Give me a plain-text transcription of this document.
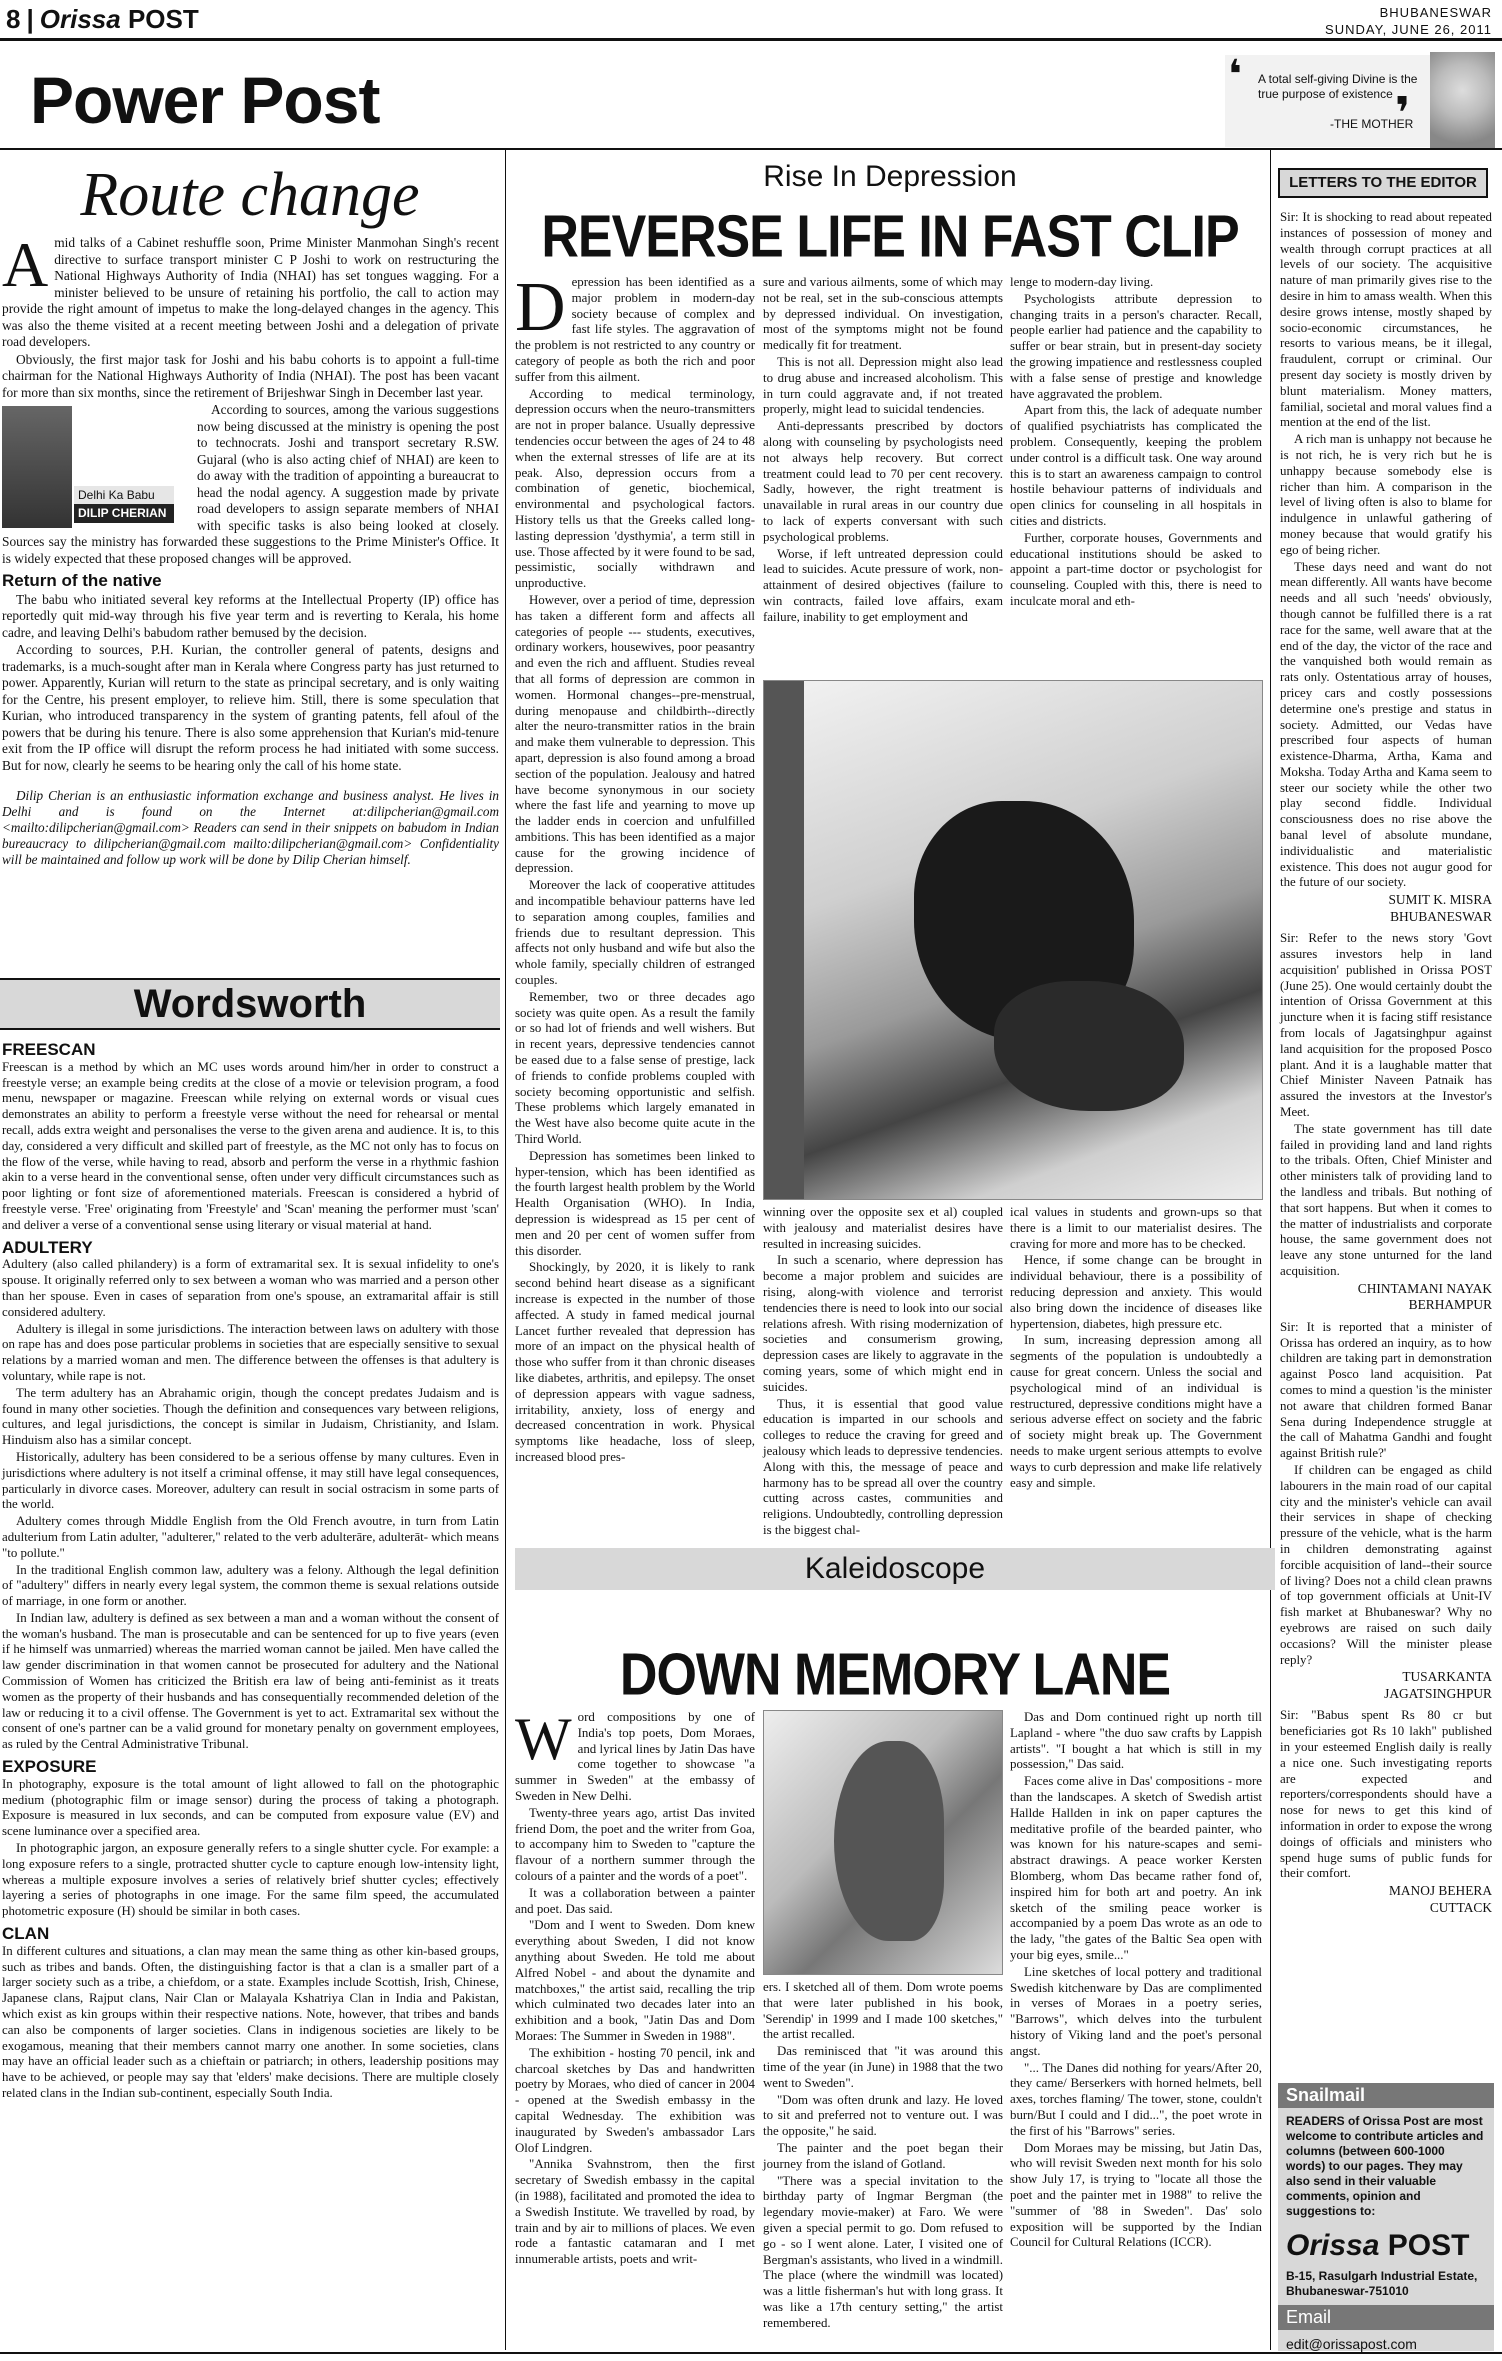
8 | Orissa POST	BHUBANESWAR
SUNDAY, JUNE 26, 2011
Power Post	❛
❜
A total self-giving Divine is the true purpose of existence
-THE MOTHER
Route change
A mid talks of a Cabinet reshuffle soon, Prime Minister Manmohan Singh's recent directive to surface transport minister C P Joshi to work on restructuring the National Highways Authority of India (NHAI) has set tongues wagging. For a minister believed to be unsure of retaining his portfolio, the call to action may provide the right amount of impetus to make the long-delayed changes in the agency. This was also the theme visited at a recent meeting between Joshi and a delegation of private road developers.

Obviously, the first major task for Joshi and his babu cohorts is to appoint a full-time chairman for the National Highways Authority of India (NHAI). The post has been vacant for more than six months, since the retirement of Brijeshwar Singh in December last year.

Delhi Ka Babu
DILIP CHERIAN

According to sources, among the various suggestions now being discussed at the ministry is opening the post to technocrats. Joshi and transport secretary R.SW. Gujaral (who is also acting chief of NHAI) are keen to do away with the tradition of appointing a bureaucrat to head the nodal agency. A suggestion made by private road developers to assign separate members of NHAI with specific tasks is also being looked at closely. Sources say the ministry has forwarded these suggestions to the Prime Minister's Office. It is widely expected that these proposed changes will be approved.

Return of the native

The babu who initiated several key reforms at the Intellectual Property (IP) office has reportedly quit mid-way through his five year term and is reverting to Kerala, his home cadre, and leaving Delhi's babudom rather bemused by the decision.

According to sources, P.H. Kurian, the controller general of patents, designs and trademarks, is a much-sought after man in Kerala where Congress party has just returned to power. Apparently, Kurian will return to the state as principal secretary, and is only waiting for the Centre, his present employer, to relieve him. Still, there is some speculation that Kurian, who introduced transparency in the system of granting patents, fell afoul of the powers that be during his tenure. There is also some apprehension that Kurian's mid-tenure exit from the IP office will disrupt the reform process he had initiated with some success. But for now, clearly he seems to be hearing only the call of his home state.

Dilip Cherian is an enthusiastic information exchange and business analyst. He lives in Delhi and is found on the Internet at:dilipcherian@gmail.com <mailto:dilipcherian@gmail.com> Readers can send in their snippets on babudom in Indian bureaucracy to dilipcherian@gmail.com mailto:dilipcherian@gmail.com> Confidentiality will be maintained and follow up work will be done by Dilip Cherian himself.
Wordsworth
FREESCAN

Freescan is a method by which an MC uses words around him/her in order to construct a freestyle verse; an example being credits at the close of a movie or television program, a food menu, newspaper or magazine. Freescan while relying on external words or visual cues demonstrates an ability to perform a freestyle verse without the need for rehearsal or mental recall, adds extra weight and personalises the verse to the given arena and audience. It is, to this day, considered a very difficult and skilled part of freestyle, as the MC not only has to focus on the flow of the verse, while having to read, absorb and perform the verse in a rhythmic fashion akin to a verse heard in the conventional sense, often under very difficult circumstances such as poor lighting or font size of aforementioned materials. Freescan is considered a hybrid of freestyle verse. 'Free' originating from 'Freestyle' and 'Scan' meaning the performer must 'scan' and deliver a verse of a conventional sense using literary or visual material at hand.

ADULTERY

Adultery (also called philandery) is a form of extramarital sex. It is sexual infidelity to one's spouse. It originally referred only to sex between a woman who was married and a person other than her spouse. Even in cases of separation from one's spouse, an extramarital affair is still considered adultery.

Adultery is illegal in some jurisdictions. The interaction between laws on adultery with those on rape has and does pose particular problems in societies that are especially sensitive to sexual relations by a married woman and men. The difference between the offenses is that adultery is voluntary, while rape is not.

The term adultery has an Abrahamic origin, though the concept predates Judaism and is found in many other societies. Though the definition and consequences vary between religions, cultures, and legal jurisdictions, the concept is similar in Judaism, Christianity, and Islam. Hinduism also has a similar concept.

Historically, adultery has been considered to be a serious offense by many cultures. Even in jurisdictions where adultery is not itself a criminal offense, it may still have legal consequences, particularly in divorce cases. Moreover, adultery can result in social ostracism in some parts of the world.

Adultery comes through Middle English from the Old French avoutre, in turn from Latin adulterium from Latin adulter, "adulterer," related to the verb adulterāre, adulterāt- which means "to pollute."

In the traditional English common law, adultery was a felony. Although the legal definition of "adultery" differs in nearly every legal system, the common theme is sexual relations outside of marriage, in one form or another.

In Indian law, adultery is defined as sex between a man and a woman without the consent of the woman's husband. The man is prosecutable and can be sentenced for up to five years (even if he himself was unmarried) whereas the married woman cannot be jailed. Men have called the law gender discrimination in that women cannot be prosecuted for adultery and the National Commission of Women has criticized the British era law of being anti-feminist as it treats women as the property of their husbands and has consequentially recommended deletion of the law or reducing it to a civil offense. The Government is yet to act. Extramarital sex without the consent of one's partner can be a valid ground for monetary penalty on government employees, as ruled by the Central Administrative Tribunal.

EXPOSURE

In photography, exposure is the total amount of light allowed to fall on the photographic medium (photographic film or image sensor) during the process of taking a photograph. Exposure is measured in lux seconds, and can be computed from exposure value (EV) and scene luminance over a specified area.

In photographic jargon, an exposure generally refers to a single shutter cycle. For example: a long exposure refers to a single, protracted shutter cycle to capture enough low-intensity light, whereas a multiple exposure involves a series of relatively brief shutter cycles; effectively layering a series of photographs in one image. For the same film speed, the accumulated photometric exposure (H) should be similar in both cases.

CLAN

In different cultures and situations, a clan may mean the same thing as other kin-based groups, such as tribes and bands. Often, the distinguishing factor is that a clan is a smaller part of a larger society such as a tribe, a chiefdom, or a state. Examples include Scottish, Irish, Chinese, Japanese clans, Rajput clans, Nair Clan or Malayala Kshatriya Clan in India and Pakistan, which exist as kin groups within their respective nations. Note, however, that tribes and bands can also be components of larger societies. Clans in indigenous societies are likely to be exogamous, meaning that their members cannot marry one another. In some societies, clans may have an official leader such as a chieftain or patriarch; in others, leadership positions may have to be achieved, or people may say that 'elders' make decisions. There are multiple closely related clans in the Indian sub-continent, especially South India.

Rise In Depression
REVERSE LIFE IN FAST CLIP
D epression has been identified as a major problem in modern-day society because of complex and fast life styles. The aggravation of the problem is not restricted to any country or category of people as both the rich and poor suffer from this ailment.

According to medical terminology, depression occurs when the neuro-transmitters are not in proper balance. Usually depressive tendencies occur between the ages of 24 to 48 when the external stresses of life are at its peak. Also, depression occurs from a combination of genetic, biochemical, environmental and psychological factors. History tells us that the Greeks called long-lasting depression 'dysthymia', a term still in use. Those affected by it were found to be sad, pessimistic, socially withdrawn and unproductive.

However, over a period of time, depression has taken a different form and affects all categories of people --- students, executives, ordinary workers, housewives, poor peasantry and even the rich and affluent. Studies reveal that all forms of depression are common in women. Hormonal changes--pre-menstrual, during menopause and childbirth--directly alter the neuro-transmitter ratios in the brain and make them vulnerable to depression. This apart, depression is also found among a broad section of the population. Jealousy and hatred have become synonymous in our society where the fast life and yearning to move up the ladder ends in coercion and unfulfilled ambitions. This has been identified as a major cause for the growing incidence of depression.

Moreover the lack of cooperative attitudes and incompatible behaviour patterns have led to separation among couples, families and friends due to resultant depression. This affects not only husband and wife but also the whole family, specially children of estranged couples.

Remember, two or three decades ago society was quite open. As a result the family or so had lot of friends and well wishers. But in recent years, depressive tendencies cannot be eased due to a false sense of prestige, lack of friends to confide problems coupled with society becoming opportunistic and selfish. These problems which largely emanated in the West have also become quite acute in the Third World.

Depression has sometimes been linked to hyper-tension, which has been identified as the fourth largest health problem by the World Health Organisation (WHO). In India, depression is widespread as 15 per cent of men and 20 per cent of women suffer from this disorder.

Shockingly, by 2020, it is likely to rank second behind heart disease as a significant increase is expected in the number of those affected. A study in famed medical journal Lancet further revealed that depression has more of an impact on the physical health of those who suffer from it than chronic diseases like diabetes, arthritis, and epilepsy. The onset of depression appears with vague sadness, irritability, anxiety, loss of energy and decreased concentration in work. Physical symptoms like headache, loss of sleep, increased blood pres-

sure and various ailments, some of which may not be real, set in the sub-conscious attempts by depressed individual. On investigation, most of the symptoms might not be found medically fit for treatment.

This is not all. Depression might also lead to drug abuse and increased alcoholism. This in turn could aggravate and, if not treated properly, might lead to suicidal tendencies.

Anti-depressants prescribed by doctors along with counseling by psychologists need not always help recovery. But correct treatment could lead to 70 per cent recovery. Sadly, however, the right treatment is unavailable in rural areas in our country due to lack of experts conversant with such psychological problems.

Worse, if left untreated depression could lead to suicides. Acute pressure of work, non- attainment of desired objectives (failure to win contracts, failed love affairs, exam failure, inability to get employment and

lenge to modern-day living.

Psychologists attribute depression to changing traits in a person's character. Recall, people earlier had patience and the capability to suffer or bear strain, but in present-day society the growing impatience and restlessness coupled with a false sense of prestige and knowledge have aggravated the problem.

Apart from this, the lack of adequate number of qualified psychiatrists has complicated the problem. Consequently, keeping the problem under control is a difficult task. One way around this is to start an awareness campaign to control hostile behaviour patterns of individuals and open clinics for counseling in all hospitals in cities and districts.

Further, corporate houses, Governments and educational institutions should be asked to appoint a part-time doctor or psychologist for counseling. Coupled with this, there is need to inculcate moral and eth-

winning over the opposite sex et al) coupled with jealousy and materialist desires have resulted in increasing suicides.

In such a scenario, where depression has become a major problem and suicides are rising, along-with violence and terrorist tendencies there is need to look into our social relations afresh. With rising modernization of societies and consumerism growing, depression cases are likely to aggravate in the coming years, some of which might end in suicides.

Thus, it is essential that good value education is imparted in our schools and colleges to reduce the craving for greed and jealousy which leads to depressive tendencies. Along with this, the message of peace and harmony has to be spread all over the country cutting across castes, communities and religions. Undoubtedly, controlling depression is the biggest chal-

ical values in students and grown-ups so that there is a limit to our materialist desires. The craving for more and more has to be checked.

Hence, if some change can be brought in individual behaviour, there is a possibility of reducing depression and anxiety. This would also bring down the incidence of diseases like hypertension, diabetes, high pressure etc.

In sum, increasing depression among all segments of the population is undoubtedly a cause for great concern. Unless the social and psychological mind of an individual is restructured, depressive conditions might have a serious adverse effect on society and the fabric of society might break up. The Government needs to make urgent serious attempts to evolve ways to curb depression and make life relatively easy and simple.

Kaleidoscope
DOWN MEMORY LANE
W ord compositions by one of India's top poets, Dom Moraes, and lyrical lines by Jatin Das have come together to showcase "a summer in Sweden" at the embassy of Sweden in New Delhi.

Twenty-three years ago, artist Das invited friend Dom, the poet and the writer from Goa, to accompany him to Sweden to "capture the flavour of a northern summer through the colours of a painter and the words of a poet".

It was a collaboration between a painter and poet. Das said.

"Dom and I went to Sweden. Dom knew everything about Sweden, I did not know anything about Sweden. He told me about Alfred Nobel - and about the dynamite and matchboxes," the artist said, recalling the trip which culminated two decades later into an exhibition and a book, "Jatin Das and Dom Moraes: The Summer in Sweden in 1988".

The exhibition - hosting 70 pencil, ink and charcoal sketches by Das and handwritten poetry by Moraes, who died of cancer in 2004 - opened at the Swedish embassy in the capital Wednesday. The exhibition was inaugurated by Sweden's ambassador Lars Olof Lindgren.

"Annika Svahnstrom, then the first secretary of Swedish embassy in the capital (in 1988), facilitated and promoted the idea to a Swedish Institute. We travelled by road, by train and by air to millions of places. We even rode a fantastic catamaran and I met innumerable artists, poets and writ-

ers. I sketched all of them. Dom wrote poems that were later published in his book, 'Serendip' in 1999 and I made 100 sketches," the artist recalled.

Das reminisced that "it was around this time of the year (in June) in 1988 that the two went to Sweden".

"Dom was often drunk and lazy. He loved to sit and preferred not to venture out. I was the opposite," he said.

The painter and the poet began their journey from the island of Gotland.

"There was a special invitation to the birthday party of Ingmar Bergman (the legendary movie-maker) at Faro. We were given a special permit to go. Dom refused to go - so I went alone. Later, I visited one of Bergman's assistants, who lived in a windmill. The place (where the windmill was located) was a little fisherman's hut with long grass. It was like a 17th century setting," the artist remembered.

Das and Dom continued right up north till Lapland - where "the duo saw crafts by Lappish artists". "I bought a hat which is still in my possession," Das said.

Faces come alive in Das' compositions - more than the landscapes. A sketch of Swedish artist Hallde Hallden in ink on paper captures the meditative profile of the bearded painter, who was known for his nature-scapes and semi-abstract drawings. A peace worker Kersten Blomberg, whom Das became rather fond of, inspired him for both art and poetry. An ink sketch of the smiling peace worker is accompanied by a poem Das wrote as an ode to the lady, "the gates of the Baltic Sea open with your big eyes, smile..."

Line sketches of local pottery and traditional Swedish kitchenware by Das are complimented in verses of Moraes in a poetry series, "Barrows", which delves into the turbulent history of Viking land and the poet's personal angst.

"... The Danes did nothing for years/After 20, they came/ Berserkers with horned helmets, bell axes, torches flaming/ The tower, stone, couldn't burn/But I could and I did...", the poet wrote in the first of his "Barrows" series.

Dom Moraes may be missing, but Jatin Das, who will revisit Sweden next month for his solo show July 17, is trying to "locate all those the poet and the painter met in 1988" to relive the "summer of '88 in Sweden". Das' solo exposition will be supported by the Indian Council for Cultural Relations (ICCR).

LETTERS TO THE EDITOR

Sir: It is shocking to read about repeated instances of possession of money and wealth through corrupt practices at all levels of our society. The acquisitive nature of man primarily gives rise to the desire in him to amass wealth. When this desire grows intense, mostly shaped by socio-economic circumstances, he resorts to various means, be it illegal, fraudulent, corrupt or criminal. Our present day society is mostly driven by blunt materialism. Money matters, familial, societal and moral values find a mention at the end of the list.

A rich man is unhappy not because he is not rich, he is very rich but he is unhappy because somebody else is richer than him. A comparison in the level of living often is also to blame for indulgence in unlawful gathering of money because that would gratify his ego of being richer.

These days need and want do not mean differently. All wants have become needs and all such 'needs' obviously, though cannot be fulfilled there is a rat race for the same, well aware that at the end of the day, the victor of the race and the vanquished both would remain as rats only. Ostentatious array of houses, pricey cars and costly possessions determine one's prestige and status in society. Admitted, our Vedas have prescribed four aspects of human existence-Dharma, Artha, Kama and Moksha. Today Artha and Kama seem to steer our society while the other two play second fiddle. Individual consciousness does no rise above the banal level of absolute mundane, individualistic and materialistic existence. This does not augur good for the future of our society.

SUMIT K. MISRA
BHUBANESWAR

Sir: Refer to the news story 'Govt assures investors help in land acquisition' published in Orissa POST (June 25). One would certainly doubt the intention of Orissa Government at this juncture when it is facing stiff resistance from locals of Jagatsinghpur against land acquisition for the proposed Posco plant. And it is a laughable matter that Chief Minister Naveen Patnaik has assured the investors at the Investor's Meet.

The state government has till date failed in providing land and land rights to the tribals. Often, Chief Minister and other ministers talk of providing land to the landless and tribals. But nothing of that sort happens. But when it comes to the matter of industrialists and corporate house, the same government does not leave any stone unturned for the land acquisition.

CHINTAMANI NAYAK
BERHAMPUR

Sir: It is reported that a minister of Orissa has ordered an inquiry, as to how children are taking part in demonstration against Posco land acquisition. Pat comes to mind a question 'is the minister not aware that children formed Banar Sena during Independence struggle at the call of Mahatma Gandhi and fought against British rule?'

If children can be engaged as child labourers in the main road of our capital city and the minister's vehicle can avail their services in shape of checking pressure of the vehicle, what is the harm in children demonstrating against forcible acquisition of land--their source of living? Does not a child clean prawns of top government officials at Unit-IV fish market at Bhubaneswar? Why no eyebrows are raised on such daily occasions? Will the minister please reply?

TUSARKANTA
JAGATSINGHPUR

Sir: "Babus spent Rs 80 cr but beneficiaries got Rs 10 lakh" published in your esteemed English daily is really a nice one. Such investigating reports are expected and reporters/correspondents should have a nose for news to get this kind of information in order to expose the wrong doings of officials and ministers who spend huge sums of public funds for their comfort.

MANOJ BEHERA
CUTTACK
Snailmail
READERS of Orissa Post are most welcome to contribute articles and columns (between 600-1000 words) to our pages. They may also send in their valuable comments, opinion and suggestions to:
Orissa POST
B-15, Rasulgarh Industrial Estate,
Bhubaneswar-751010
Email
edit@orissapost.com
